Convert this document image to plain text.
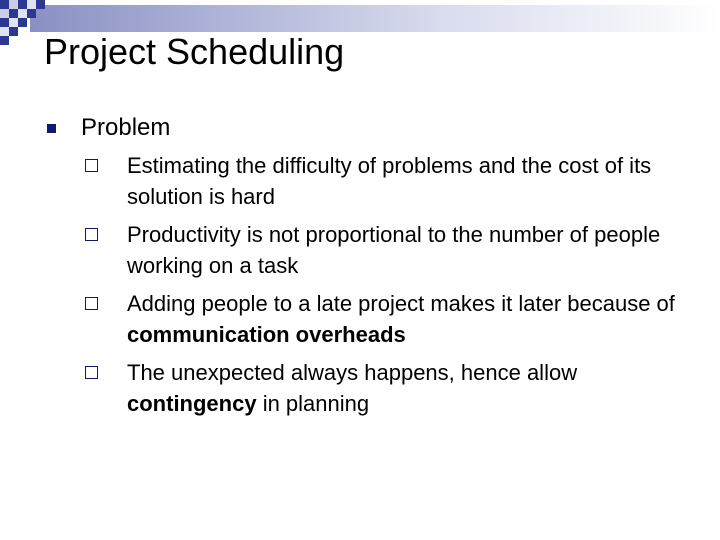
Project Scheduling
Problem
Estimating the difficulty of problems and the cost of its solution is hard
Productivity is not proportional to the number of people working on a task
Adding people to a late project makes it later because of communication overheads
The unexpected always happens, hence allow contingency in planning
